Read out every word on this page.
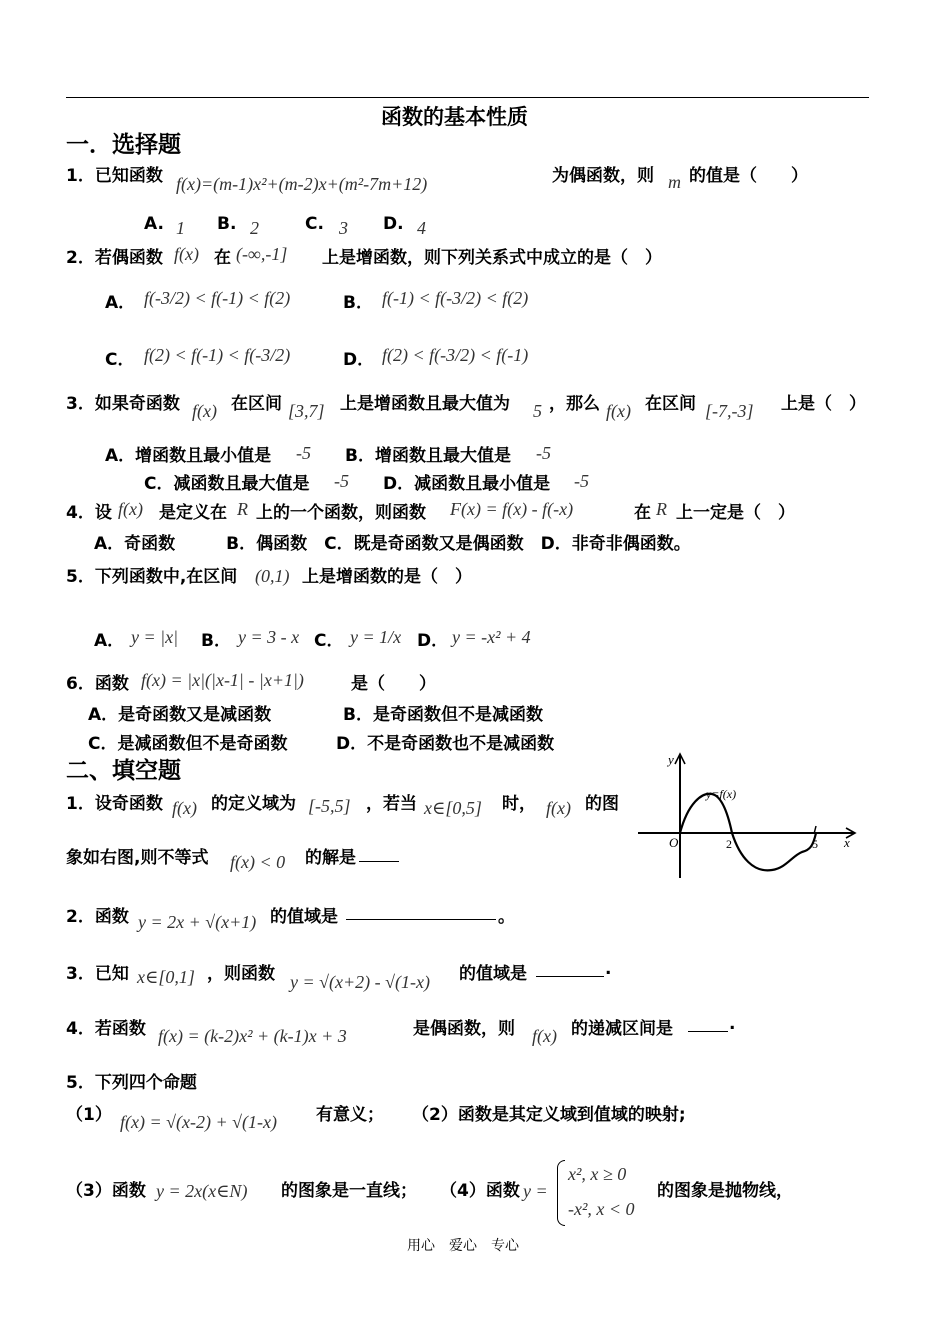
函数的基本性质
一．选择题
1．已知函数 f(x)=(m-1)x²+(m-2)x+(m²-7m+12)	为偶函数，则 m 的值是（　　）
A. 1 B. 2	C. 3 D. 4
2．若偶函数 f(x) 在 (-∞,-1] 上是增函数，则下列关系式中成立的是（　）
A． f(-3/2) < f(-1) < f(2)	B． f(-1) < f(-3/2) < f(2)
C． f(2) < f(-1) < f(-3/2)	D． f(2) < f(-3/2) < f(-1)
3．如果奇函数 f(x) 在区间 [3,7] 上是增函数且最大值为 5 ，那么 f(x) 在区间 [-7,-3] 上是（　）
A．增函数且最小值是 -5 B．增函数且最大值是 -5
C．减函数且最大值是 -5 D．减函数且最小值是 -5
4．设 f(x) 是定义在 R 上的一个函数，则函数 F(x) = f(x) - f(-x)	在 R 上一定是（　）
A．奇函数　　　B．偶函数　C．既是奇函数又是偶函数　D．非奇非偶函数。
5．下列函数中,在区间 (0,1) 上是增函数的是（　）
A． y = |x| B． y = 3 - x C． y = 1/x D． y = -x² + 4
6．函数 f(x) = |x|(|x-1| - |x+1|)	是（　　）
A．是奇函数又是减函数	B．是奇函数但不是减函数
C．是减函数但不是奇函数	D．不是奇函数也不是减函数
二、填空题
1．设奇函数 f(x) 的定义域为 [-5,5] ，若当 x∈[0,5] 时， f(x) 的图
象如右图,则不等式 f(x) < 0 的解是
y
x
O	2	5
y=f(x)
2．函数 y = 2x + √(x+1) 的值域是	。
3．已知 x∈[0,1] ，则函数 y = √(x+2) - √(1-x) 的值域是	.
4．若函数 f(x) = (k-2)x² + (k-1)x + 3	是偶函数，则 f(x) 的递减区间是	.
5．下列四个命题
（1） f(x) = √(x-2) + √(1-x) 有意义； （2）函数是其定义域到值域的映射;
（3）函数 y = 2x(x∈N) 的图象是一直线； （4）函数 y =
x², x ≥ 0
-x², x < 0
的图象是抛物线，
用心　爱心　专心
